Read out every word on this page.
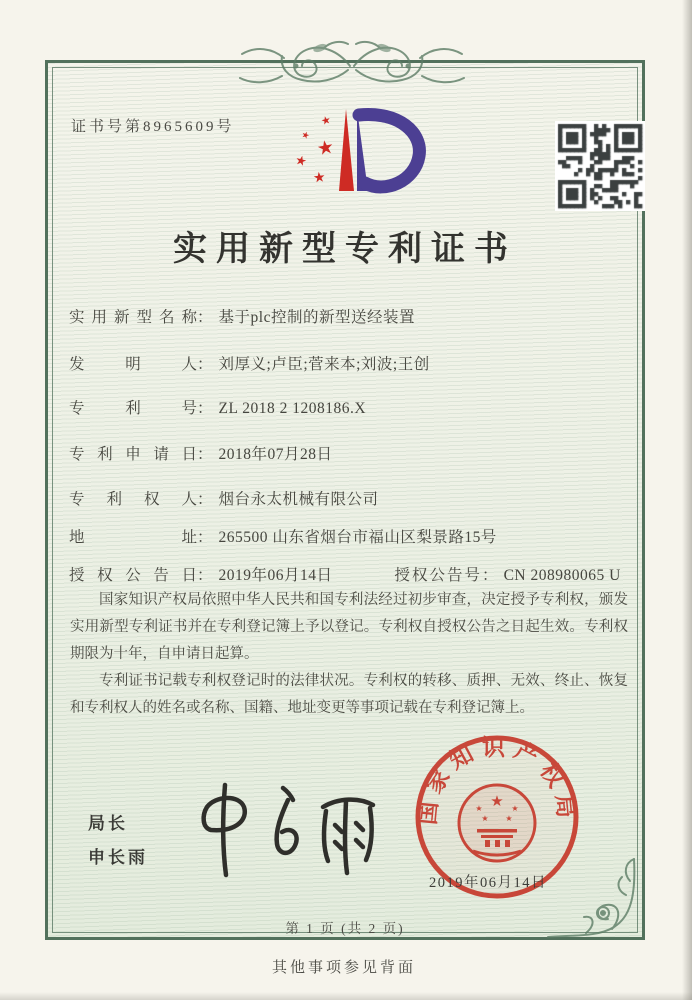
证书号第8965609号	★
★ ★
★
★
实用新型专利证书
实用新型名称： 基于plc控制的新型送经装置
发明人： 刘厚义;卢臣;菅来本;刘波;王创
专利号： ZL 2018 2 1208186.X
专利申请日： 2018年07月28日
专利权人： 烟台永太机械有限公司
地址： 265500 山东省烟台市福山区梨景路15号
授权公告日： 2019年06月14日	授权公告号： CN 208980065 U

国家知识产权局依照中华人民共和国专利法经过初步审查，决定授予专利权，颁发实用新型专利证书并在专利登记簿上予以登记。专利权自授权公告之日起生效。专利权期限为十年，自申请日起算。

专利证书记载专利权登记时的法律状况。专利权的转移、质押、无效、终止、恢复和专利权人的姓名或名称、国籍、地址变更等事项记载在专利登记簿上。

局长
申长雨
国家知识产权局
★
★	★
★ ★
2019年06月14日
第 1 页 (共 2 页)
其他事项参见背面
